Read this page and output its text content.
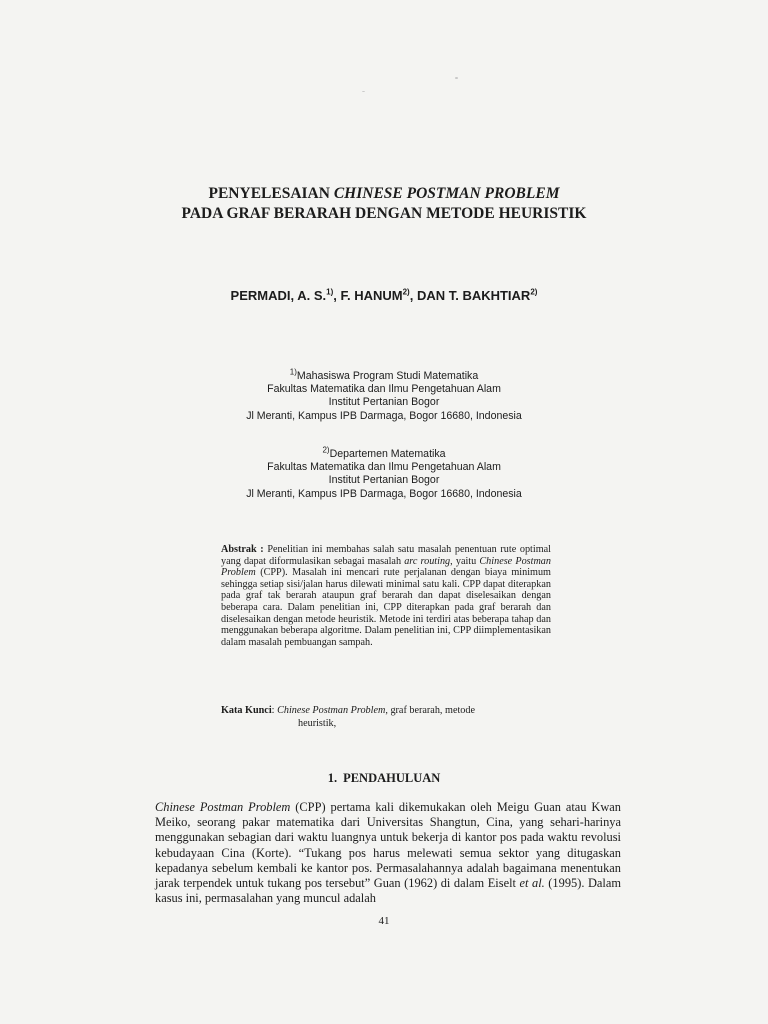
PENYELESAIAN CHINESE POSTMAN PROBLEM
PADA GRAF BERARAH DENGAN METODE HEURISTIK
PERMADI, A. S.$^{1)}$, F. HANUM$^{2)}$, DAN T. BAKHTIAR$^{2)}$
$^{1)}$Mahasiswa Program Studi Matematika
Fakultas Matematika dan Ilmu Pengetahuan Alam
Institut Pertanian Bogor
Jl Meranti, Kampus IPB Darmaga, Bogor 16680, Indonesia
$^{2)}$Departemen Matematika
Fakultas Matematika dan Ilmu Pengetahuan Alam
Institut Pertanian Bogor
Jl Meranti, Kampus IPB Darmaga, Bogor 16680, Indonesia
Abstrak : Penelitian ini membahas salah satu masalah penentuan rute optimal yang dapat diformulasikan sebagai masalah arc routing, yaitu Chinese Postman Problem (CPP). Masalah ini mencari rute perjalanan dengan biaya minimum sehingga setiap sisi/jalan harus dilewati minimal satu kali. CPP dapat diterapkan pada graf tak berarah ataupun graf berarah dan dapat diselesaikan dengan beberapa cara. Dalam penelitian ini, CPP diterapkan pada graf berarah dan diselesaikan dengan metode heuristik. Metode ini terdiri atas beberapa tahap dan menggunakan beberapa algoritme. Dalam penelitian ini, CPP diimplementasikan dalam masalah pembuangan sampah.
Kata Kunci: Chinese Postman Problem, graf berarah, metode
heuristik,
1. PENDAHULUAN
Chinese Postman Problem (CPP) pertama kali dikemukakan oleh Meigu Guan atau Kwan Meiko, seorang pakar matematika dari Universitas Shangtun, Cina, yang sehari-harinya menggunakan sebagian dari waktu luangnya untuk bekerja di kantor pos pada waktu revolusi kebudayaan Cina (Korte). “Tukang pos harus melewati semua sektor yang ditugaskan kepadanya sebelum kembali ke kantor pos. Permasalahannya adalah bagaimana menentukan jarak terpendek untuk tukang pos tersebut” Guan (1962) di dalam Eiselt et al. (1995). Dalam kasus ini, permasalahan yang muncul adalah
41
